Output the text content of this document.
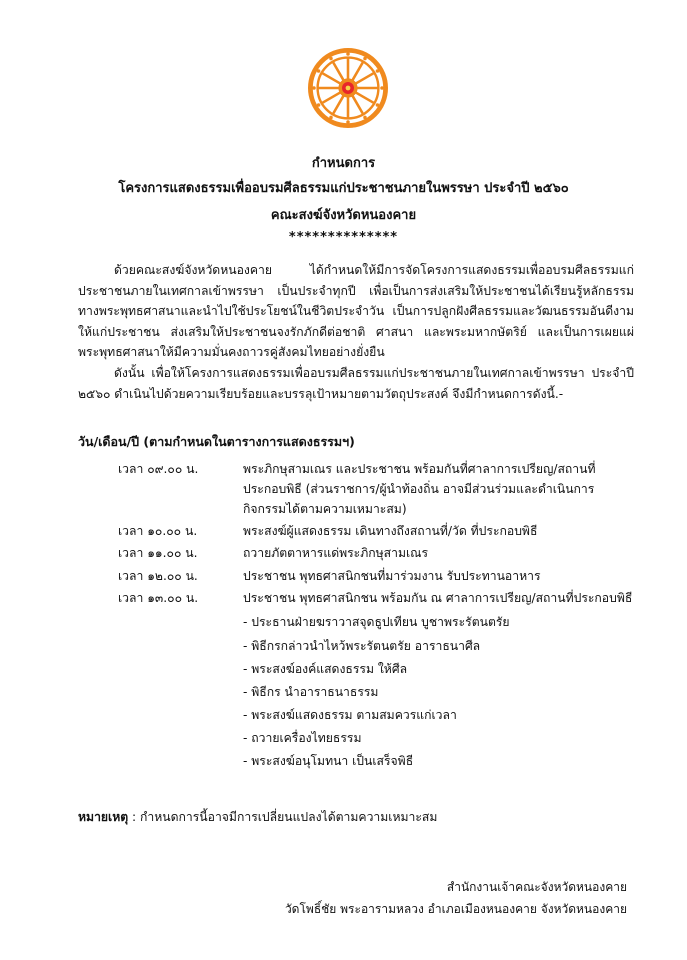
กำหนดการ
โครงการแสดงธรรมเพื่ออบรมศีลธรรมแก่ประชาชนภายในพรรษา ประจำปี ๒๕๖๐
คณะสงฆ์จังหวัดหนองคาย
**************
ด้วยคณะสงฆ์จังหวัดหนองคาย ได้กำหนดให้มีการจัดโครงการแสดงธรรมเพื่ออบรมศีลธรรมแก่ประชาชนภายในเทศกาลเข้าพรรษา เป็นประจำทุกปี เพื่อเป็นการส่งเสริมให้ประชาชนได้เรียนรู้หลักธรรมทางพระพุทธศาสนาและนำไปใช้ประโยชน์ในชีวิตประจำวัน เป็นการปลูกฝังศีลธรรมและวัฒนธรรมอันดีงามให้แก่ประชาชน ส่งเสริมให้ประชาชนจงรักภักดีต่อชาติ ศาสนา และพระมหากษัตริย์ และเป็นการเผยแผ่พระพุทธศาสนาให้มีความมั่นคงถาวรคู่สังคมไทยอย่างยั่งยืน
ดังนั้น เพื่อให้โครงการแสดงธรรมเพื่ออบรมศีลธรรมแก่ประชาชนภายในเทศกาลเข้าพรรษา ประจำปี ๒๕๖๐ ดำเนินไปด้วยความเรียบร้อยและบรรลุเป้าหมายตามวัตถุประสงค์ จึงมีกำหนดการดังนี้.-
วัน/เดือน/ปี (ตามกำหนดในตารางการแสดงธรรมฯ)
เวลา ๐๙.๐๐ น.	พระภิกษุสามเณร และประชาชน พร้อมกันที่ศาลาการเปรียญ/สถานที่ประกอบพิธี (ส่วนราชการ/ผู้นำท้องถิ่น อาจมีส่วนร่วมและดำเนินการกิจกรรมได้ตามความเหมาะสม)
เวลา ๑๐.๐๐ น.	พระสงฆ์ผู้แสดงธรรม เดินทางถึงสถานที่/วัด ที่ประกอบพิธี
เวลา ๑๑.๐๐ น.	ถวายภัตตาหารแด่พระภิกษุสามเณร
เวลา ๑๒.๐๐ น.	ประชาชน พุทธศาสนิกชนที่มาร่วมงาน รับประทานอาหาร
เวลา ๑๓.๐๐ น.	ประชาชน พุทธศาสนิกชน พร้อมกัน ณ ศาลาการเปรียญ/สถานที่ประกอบพิธี
- ประธานฝ่ายฆราวาสจุดธูปเทียน บูชาพระรัตนตรัย
- พิธีกรกล่าวนำไหว้พระรัตนตรัย อาราธนาศีล
- พระสงฆ์องค์แสดงธรรม ให้ศีล
- พิธีกร นำอาราธนาธรรม
- พระสงฆ์แสดงธรรม ตามสมควรแก่เวลา
- ถวายเครื่องไทยธรรม
- พระสงฆ์อนุโมทนา เป็นเสร็จพิธี
หมายเหตุ : กำหนดการนี้อาจมีการเปลี่ยนแปลงได้ตามความเหมาะสม
สำนักงานเจ้าคณะจังหวัดหนองคาย
วัดโพธิ์ชัย พระอารามหลวง อำเภอเมืองหนองคาย จังหวัดหนองคาย
